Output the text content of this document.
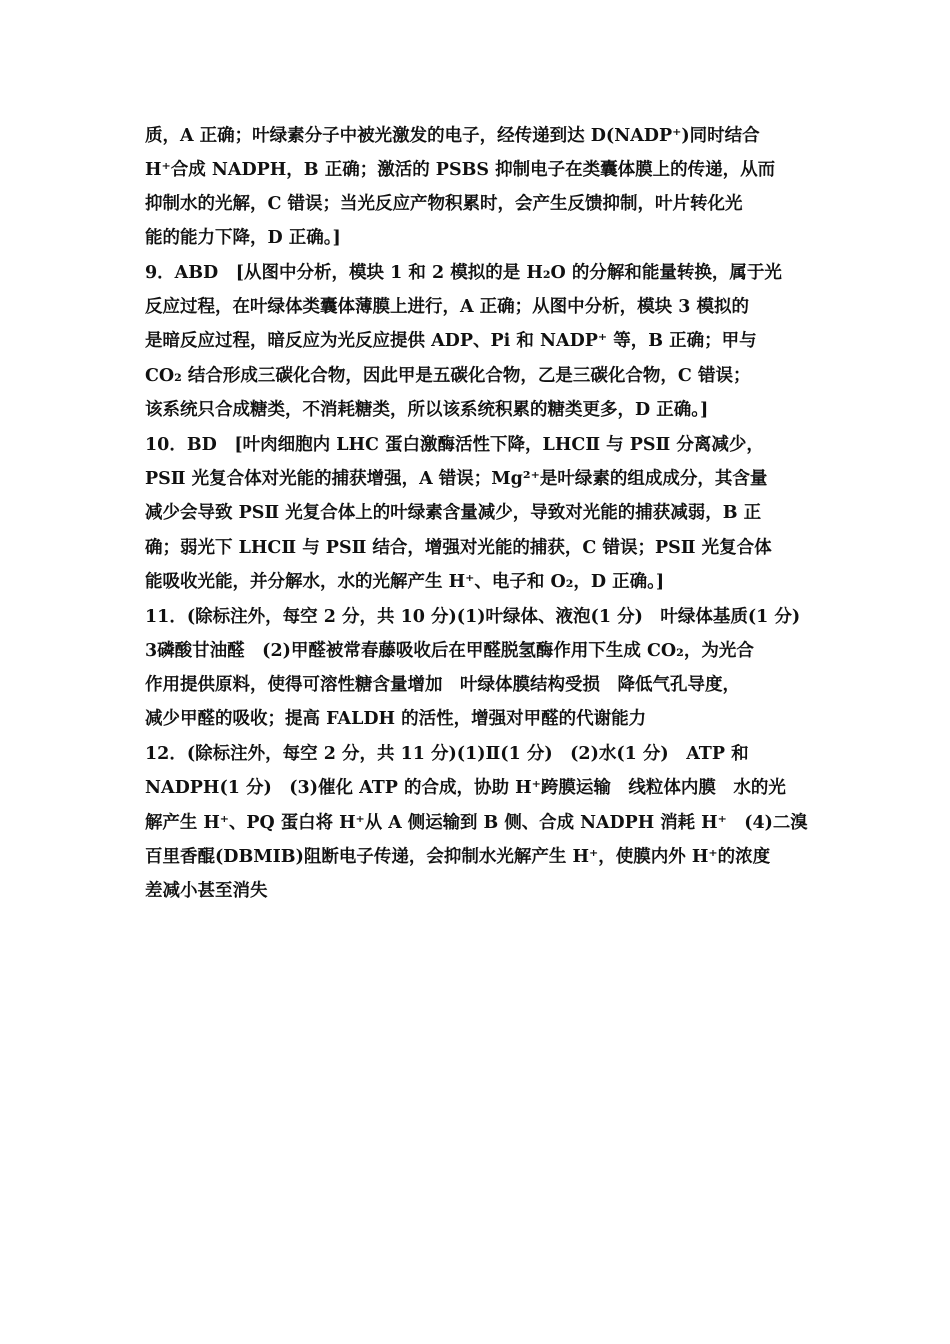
质，A 正确；叶绿素分子中被光激发的电子，经传递到达 D(NADP⁺)同时结合
H⁺合成 NADPH，B 正确；激活的 PSBS 抑制电子在类囊体膜上的传递，从而
抑制水的光解，C 错误；当光反应产物积累时，会产生反馈抑制，叶片转化光
能的能力下降，D 正确。]
9．ABD　[从图中分析，模块 1 和 2 模拟的是 H₂O 的分解和能量转换，属于光
反应过程，在叶绿体类囊体薄膜上进行，A 正确；从图中分析，模块 3 模拟的
是暗反应过程，暗反应为光反应提供 ADP、Pi 和 NADP⁺ 等，B 正确；甲与
CO₂ 结合形成三碳化合物，因此甲是五碳化合物，乙是三碳化合物，C 错误；
该系统只合成糖类，不消耗糖类，所以该系统积累的糖类更多，D 正确。]
10．BD　[叶肉细胞内 LHC 蛋白激酶活性下降，LHCⅡ 与 PSⅡ 分离减少，
PSⅡ 光复合体对光能的捕获增强，A 错误；Mg²⁺是叶绿素的组成成分，其含量
减少会导致 PSⅡ 光复合体上的叶绿素含量减少，导致对光能的捕获减弱，B 正
确；弱光下 LHCⅡ 与 PSⅡ 结合，增强对光能的捕获，C 错误；PSⅡ 光复合体
能吸收光能，并分解水，水的光解产生 H⁺、电子和 O₂，D 正确。]
11．(除标注外，每空 2 分，共 10 分)(1)叶绿体、液泡(1 分)　叶绿体基质(1 分)
3磷酸甘油醛　(2)甲醛被常春藤吸收后在甲醛脱氢酶作用下生成 CO₂，为光合
作用提供原料，使得可溶性糖含量增加　叶绿体膜结构受损　降低气孔导度，
减少甲醛的吸收；提高 FALDH 的活性，增强对甲醛的代谢能力
12．(除标注外，每空 2 分，共 11 分)(1)Ⅱ(1 分)　(2)水(1 分)　ATP 和
NADPH(1 分)　(3)催化 ATP 的合成，协助 H⁺跨膜运输　线粒体内膜　水的光
解产生 H⁺、PQ 蛋白将 H⁺从 A 侧运输到 B 侧、合成 NADPH 消耗 H⁺　(4)二溴
百里香醌(DBMIB)阻断电子传递，会抑制水光解产生 H⁺，使膜内外 H⁺的浓度
差减小甚至消失
